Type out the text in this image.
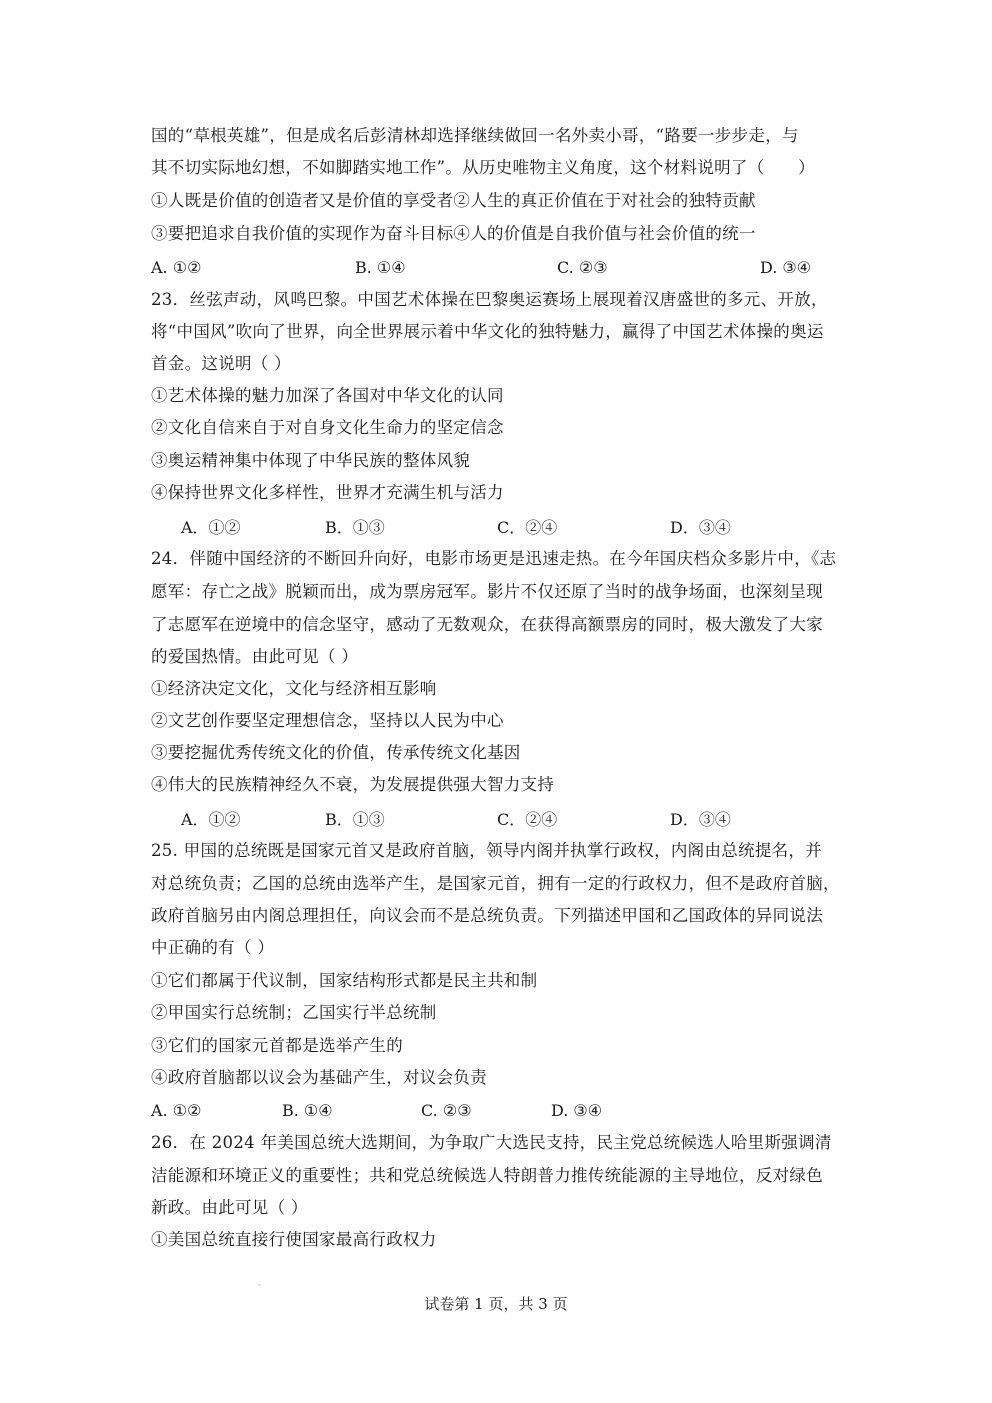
国的“草根英雄”，但是成名后彭清林却选择继续做回一名外卖小哥，“路要一步步走，与
其不切实际地幻想，不如脚踏实地工作”。从历史唯物主义角度，这个材料说明了（　　）
①人既是价值的创造者又是价值的享受者②人生的真正价值在于对社会的独特贡献
③要把追求自我价值的实现作为奋斗目标④人的价值是自我价值与社会价值的统一
A. ①②	B. ①④	C. ②③	D. ③④
23．丝弦声动，风鸣巴黎。中国艺术体操在巴黎奥运赛场上展现着汉唐盛世的多元、开放，
将“中国风”吹向了世界，向全世界展示着中华文化的独特魅力，赢得了中国艺术体操的奥运
首金。这说明（ ）
①艺术体操的魅力加深了各国对中华文化的认同
②文化自信来自于对自身文化生命力的坚定信念
③奥运精神集中体现了中华民族的整体风貌
④保持世界文化多样性，世界才充满生机与活力
A．①②	B．①③	C．②④	D．③④
24．伴随中国经济的不断回升向好，电影市场更是迅速走热。在今年国庆档众多影片中，《志
愿军：存亡之战》脱颖而出，成为票房冠军。影片不仅还原了当时的战争场面，也深刻呈现
了志愿军在逆境中的信念坚守，感动了无数观众，在获得高额票房的同时，极大激发了大家
的爱国热情。由此可见（ ）
①经济决定文化，文化与经济相互影响
②文艺创作要坚定理想信念，坚持以人民为中心
③要挖掘优秀传统文化的价值，传承传统文化基因
④伟大的民族精神经久不衰，为发展提供强大智力支持
A．①②	B．①③	C．②④	D．③④
25. 甲国的总统既是国家元首又是政府首脑，领导内阁并执掌行政权，内阁由总统提名，并
对总统负责；乙国的总统由选举产生，是国家元首，拥有一定的行政权力，但不是政府首脑，
政府首脑另由内阁总理担任，向议会而不是总统负责。下列描述甲国和乙国政体的异同说法
中正确的有（ ）
①它们都属于代议制，国家结构形式都是民主共和制
②甲国实行总统制；乙国实行半总统制
③它们的国家元首都是选举产生的
④政府首脑都以议会为基础产生，对议会负责
A. ①②	B. ①④	C. ②③	D. ③④
26．在 2024 年美国总统大选期间，为争取广大选民支持，民主党总统候选人哈里斯强调清
洁能源和环境正义的重要性；共和党总统候选人特朗普力推传统能源的主导地位，反对绿色
新政。由此可见（ ）
①美国总统直接行使国家最高行政权力
,
试卷第 1 页，共 3 页
